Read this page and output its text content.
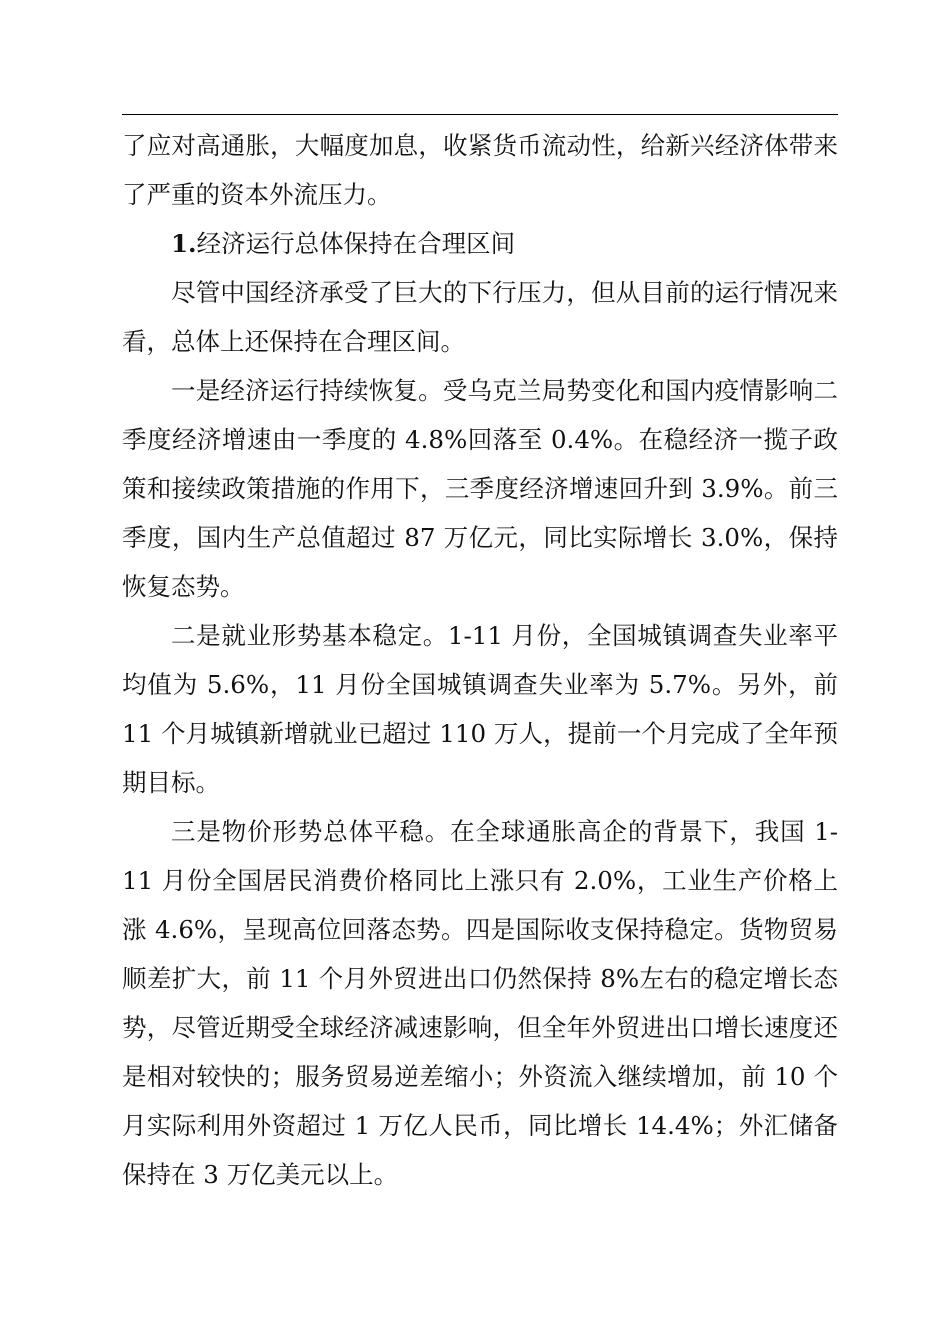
了应对高通胀，大幅度加息，收紧货币流动性，给新兴经济体带来了严重的资本外流压力。

1.经济运行总体保持在合理区间

尽管中国经济承受了巨大的下行压力，但从目前的运行情况来看，总体上还保持在合理区间。

一是经济运行持续恢复。受乌克兰局势变化和国内疫情影响二季度经济增速由一季度的 4.8%回落至 0.4%。在稳经济一揽子政策和接续政策措施的作用下，三季度经济增速回升到 3.9%。前三季度，国内生产总值超过 87 万亿元，同比实际增长 3.0%，保持恢复态势。

二是就业形势基本稳定。1-11 月份，全国城镇调查失业率平均值为 5.6%，11 月份全国城镇调查失业率为 5.7%。另外，前 11 个月城镇新增就业已超过 110 万人，提前一个月完成了全年预期目标。

三是物价形势总体平稳。在全球通胀高企的背景下，我国 1-11 月份全国居民消费价格同比上涨只有 2.0%，工业生产价格上涨 4.6%，呈现高位回落态势。四是国际收支保持稳定。货物贸易顺差扩大，前 11 个月外贸进出口仍然保持 8%左右的稳定增长态势，尽管近期受全球经济减速影响，但全年外贸进出口增长速度还是相对较快的；服务贸易逆差缩小；外资流入继续增加，前 10 个月实际利用外资超过 1 万亿人民币，同比增长 14.4%；外汇储备保持在 3 万亿美元以上。
